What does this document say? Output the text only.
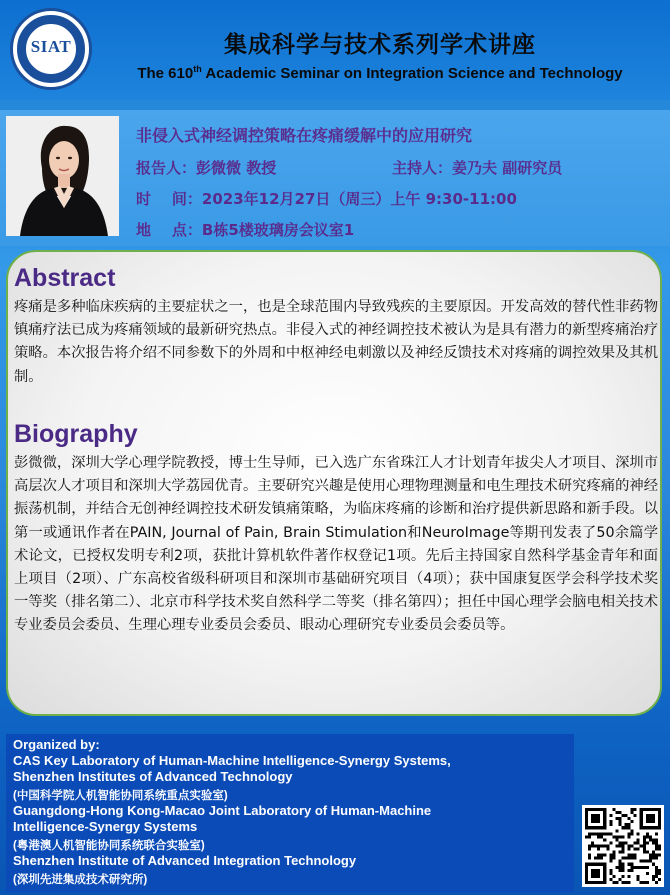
SIAT	集成科学与技术系列学术讲座
The 610th Academic Seminar on Integration Science and Technology
非侵入式神经调控策略在疼痛缓解中的应用研究
报告人：彭微微 教授	主持人：姜乃夫 副研究员
时    间：2023年12月27日（周三）上午 9:30-11:00
地    点：B栋5楼玻璃房会议室1
Abstract
疼痛是多种临床疾病的主要症状之一，也是全球范围内导致残疾的主要原因。开发高效的替代性非药物镇痛疗法已成为疼痛领域的最新研究热点。非侵入式的神经调控技术被认为是具有潜力的新型疼痛治疗策略。本次报告将介绍不同参数下的外周和中枢神经电刺激以及神经反馈技术对疼痛的调控效果及其机制。
Biography
彭微微，深圳大学心理学院教授，博士生导师，已入选广东省珠江人才计划青年拔尖人才项目、深圳市高层次人才项目和深圳大学荔园优青。主要研究兴趣是使用心理物理测量和电生理技术研究疼痛的神经振荡机制，并结合无创神经调控技术研发镇痛策略，为临床疼痛的诊断和治疗提供新思路和新手段。以第一或通讯作者在PAIN, Journal of Pain, Brain Stimulation和NeuroImage等期刊发表了50余篇学术论文，已授权发明专利2项，获批计算机软件著作权登记1项。先后主持国家自然科学基金青年和面上项目（2项）、广东高校省级科研项目和深圳市基础研究项目（4项）；获中国康复医学会科学技术奖一等奖（排名第二）、北京市科学技术奖自然科学二等奖（排名第四）；担任中国心理学会脑电相关技术专业委员会委员、生理心理专业委员会委员、眼动心理研究专业委员会委员等。
Organized by:
CAS Key Laboratory of Human-Machine Intelligence-Synergy Systems,
Shenzhen Institutes of Advanced Technology
(中国科学院人机智能协同系统重点实验室)
Guangdong-Hong Kong-Macao Joint Laboratory of Human-Machine
Intelligence-Synergy Systems
(粤港澳人机智能协同系统联合实验室)
Shenzhen Institute of Advanced Integration Technology
(深圳先进集成技术研究所)
